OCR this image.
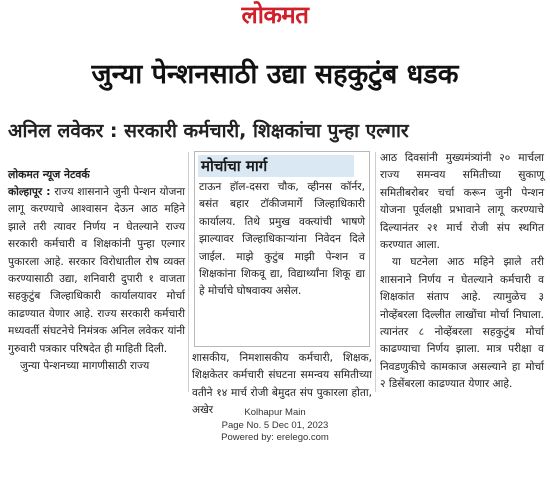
लोकमत
जुन्या पेन्शनसाठी उद्या सहकुटुंब धडक
अनिल लवेकर : सरकारी कर्मचारी, शिक्षकांचा पुन्हा एल्गार
लोकमत न्यूज नेटवर्क
कोल्हापूर : राज्य शासनाने जुनी पेन्शन योजना लागू करण्याचे आश्वासन देऊन आठ महिने झाले तरी त्यावर निर्णय न घेतल्याने राज्य सरकारी कर्मचारी व शिक्षकांनी पुन्हा एल्गार पुकारला आहे. सरकार विरोधातील रोष व्यक्त करण्यासाठी उद्या, शनिवारी दुपारी १ वाजता सहकुटुंब जिल्हाधिकारी कार्यालयावर मोर्चा काढण्यात येणार आहे. राज्य सरकारी कर्मचारी मध्यवर्ती संघटनेचे निमंत्रक अनिल लवेकर यांनी गुरुवारी पत्रकार परिषदेत ही माहिती दिली.
जुन्या पेन्शनच्या मागणीसाठी राज्य
मोर्चाचा मार्ग
टाऊन हॉल-दसरा चौक, व्हीनस कॉर्नर, बसंत बहार टॉकीजमार्गे जिल्हाधिकारी कार्यालय. तिथे प्रमुख वक्त्यांची भाषणे झाल्यावर जिल्हाधिकाऱ्यांना निवेदन दिले जाईल. माझे कुटुंब माझी पेन्शन व शिक्षकांना शिकवू द्या, विद्यार्थ्यांना शिकू द्या हे मोर्चाचे घोषवाक्य असेल.
शासकीय, निमशासकीय कर्मचारी, शिक्षक, शिक्षकेतर कर्मचारी संघटना समन्वय समितीच्या वतीने १४ मार्च रोजी बेमुदत संप पुकारला होता, अखेर
आठ दिवसांनी मुख्यमंत्र्यांनी २० मार्चला राज्य समन्वय समितीच्या सुकाणू समितीबरोबर चर्चा करून जुनी पेन्शन योजना पूर्वलक्षी प्रभावाने लागू करण्याचे दिल्यानंतर २१ मार्च रोजी संप स्थगित करण्यात आला.
या घटनेला आठ महिने झाले तरी शासनाने निर्णय न घेतल्याने कर्मचारी व शिक्षकांत संताप आहे. त्यामुळेच ३ नोव्हेंबरला दिल्लीत लाखोंचा मोर्चा निघाला. त्यानंतर ८ नोव्हेंबरला सहकुटुंब मोर्चा काढण्याचा निर्णय झाला. मात्र परीक्षा व निवडणुकीचे कामकाज असल्याने हा मोर्चा २ डिसेंबरला काढण्यात येणार आहे.
Kolhapur Main
Page No. 5 Dec 01, 2023
Powered by: erelego.com
